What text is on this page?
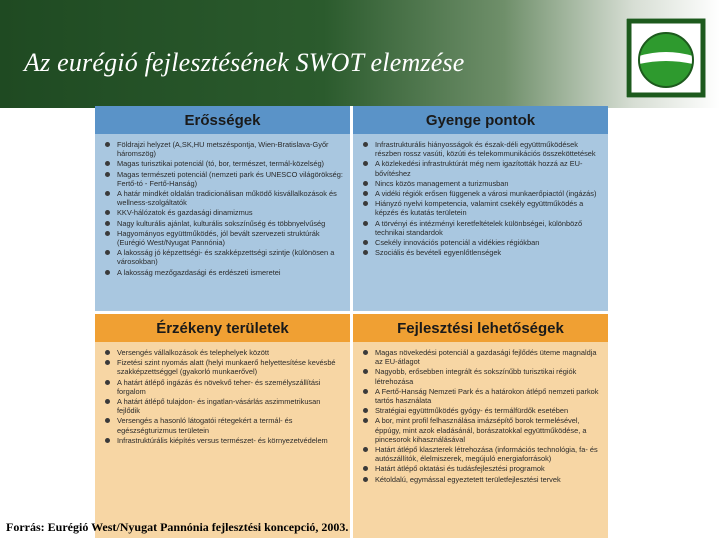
Az eurégió fejlesztésének SWOT elemzése
Erősségek
Földrajzi helyzet (A,SK,HU metszéspontja, Wien-Bratislava-Győr háromszög)
Magas turisztikai potenciál (tó, bor, természet, termál-közelség)
Magas természeti potenciál (nemzeti park és UNESCO világörökség: Fertő-tó - Fertő-Hanság)
A határ mindkét oldalán tradicionálisan működő kisvállalkozások és wellness-szolgáltatók
KKV-hálózatok és gazdasági dinamizmus
Nagy kulturális ajánlat, kulturális sokszínűség és többnyelvűség
Hagyományos együttműködés, jól bevált szervezeti struktúrák (Eurégió West/Nyugat Pannónia)
A lakosság jó képzettségi- és szakképzettségi szintje (különösen a városokban)
A lakosság mezőgazdasági és erdészeti ismeretei
Gyenge pontok
Infrastrukturális hiányosságok és észak-déli együttműködések részben rossz vasúti, közúti és telekommunikációs összeköttetések
A közlekedési infrastruktúrát még nem igazították hozzá az EU-bővítéshez
Nincs közös management a turizmusban
A vidéki régiók erősen függenek a városi munkaerőpiactól (ingázás)
Hiányzó nyelvi kompetencia, valamint csekély együttműködés a képzés és kutatás területein
A törvényi és intézményi keretfeltételek különbségei, különböző technikai standardok
Csekély innovációs potenciál a vidékies régiókban
Szociális és bevételi egyenlőtlenségek
Érzékeny területek
Versengés vállalkozások és telephelyek között
Fizetési szint nyomás alatt (helyi munkaerő helyettesítése kevésbé szakképzettséggel (gyakorló munkaerővel)
A határt átlépő ingázás és növekvő teher- és személyszállítási forgalom
A határt átlépő tulajdon- és ingatlan-vásárlás aszimmetrikusan fejlődik
Versengés a hasonló látogatói rétegekért a termál- és egészségturizmus területein
Infrastruktúrális kiépítés versus természet- és környezetvédelem
Fejlesztési lehetőségek
Magas növekedési potenciál a gazdasági fejlődés üteme magnaldja az EU-átlagot
Nagyobb, erősebben integrált és sokszínűbb turisztikai régiók létrehozása
A Fertő-Hanság Nemzeti Park és a határokon átlépő nemzeti parkok tartós használata
Stratégiai együttműködés gyógy- és termálfürdők esetében
A bor, mint profil felhasználása imázsépítő borok termelésével, éppúgy, mint azok eladásánál, borászatokkal együttműködése, a pincesorok kihasználásával
Határt átlépő klaszterek létrehozása (információs technológia, fa- és autószállítók, élelmiszerek, megújuló energiaforrások)
Határt átlépő oktatási és tudásfejlesztési programok
Kétoldalú, egymással egyeztetett területfejlesztési tervek

Forrás: Eurégió West/Nyugat Pannónia fejlesztési koncepció, 2003.
